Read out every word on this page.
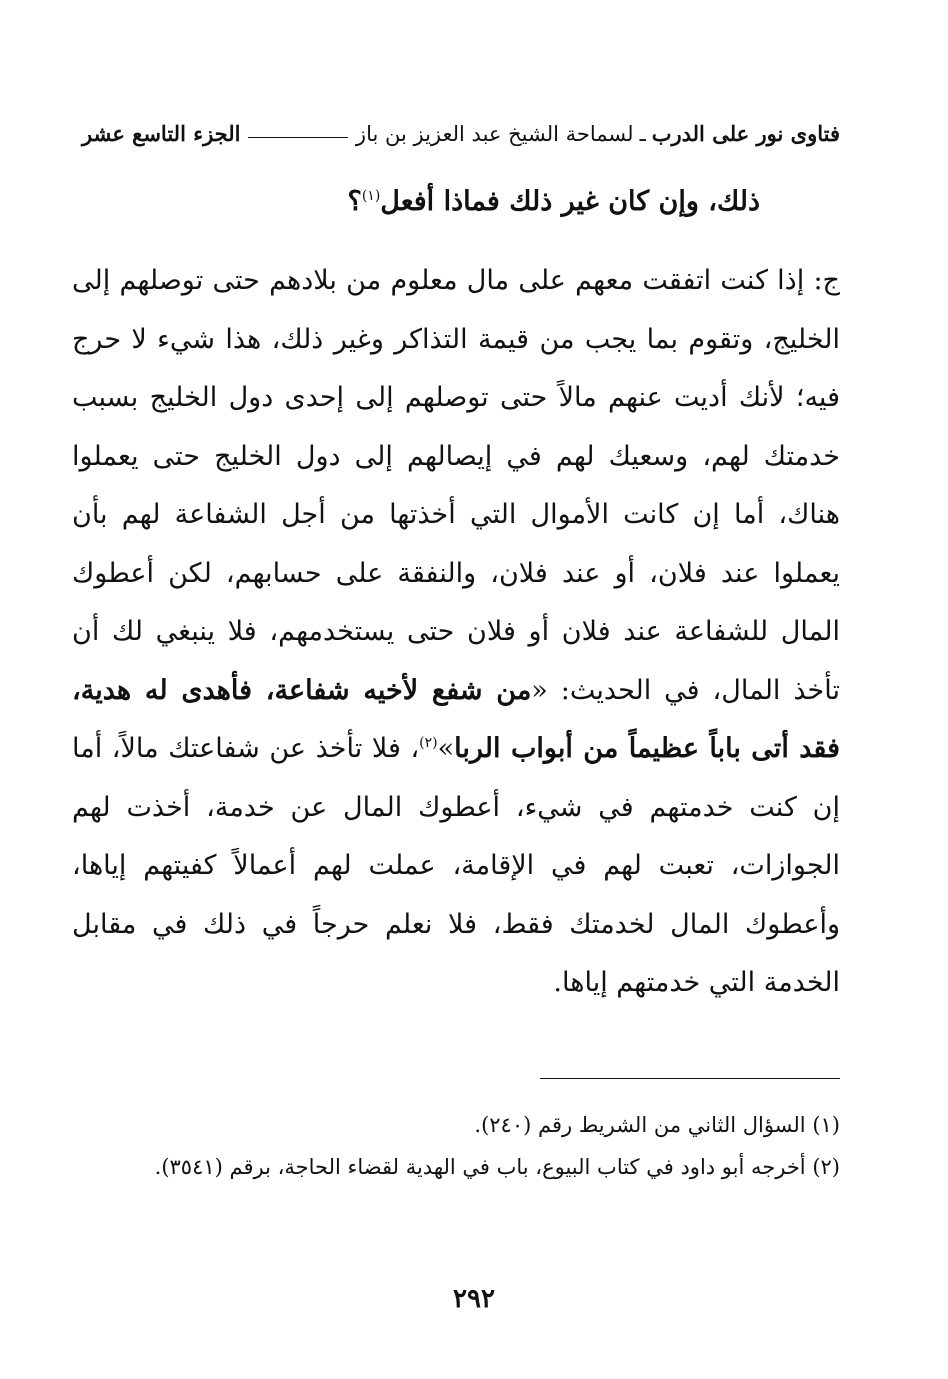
فتاوى نور على الدرب
ـ
لسماحة الشيخ عبد العزيز بن باز
الجزء التاسع عشر
ذلك، وإن كان غير ذلك فماذا أفعل$^{(١)}$؟

ج: إذا كنت اتفقت معهم على مال معلوم من بلادهم حتى توصلهم إلى الخليج، وتقوم بما يجب من قيمة التذاكر وغير ذلك، هذا شيء لا حرج فيه؛ لأنك أديت عنهم مالاً حتى توصلهم إلى إحدى دول الخليج بسبب خدمتك لهم، وسعيك لهم في إيصالهم إلى دول الخليج حتى يعملوا هناك، أما إن كانت الأموال التي أخذتها من أجل الشفاعة لهم بأن يعملوا عند فلان، أو عند فلان، والنفقة على حسابهم، لكن أعطوك المال للشفاعة عند فلان أو فلان حتى يستخدمهم، فلا ينبغي لك أن تأخذ المال، في الحديث: «من شفع لأخيه شفاعة، فأهدى له هدية، فقد أتى باباً عظيماً من أبواب الربا»$^{(٢)}$، فلا تأخذ عن شفاعتك مالاً، أما إن كنت خدمتهم في شيء، أعطوك المال عن خدمة، أخذت لهم الجوازات، تعبت لهم في الإقامة، عملت لهم أعمالاً كفيتهم إياها، وأعطوك المال لخدمتك فقط، فلا نعلم حرجاً في ذلك في مقابل الخدمة التي خدمتهم إياها.

(١) السؤال الثاني من الشريط رقم (٢٤٠).

(٢) أخرجه أبو داود في كتاب البيوع، باب في الهدية لقضاء الحاجة، برقم (٣٥٤١).

٢٩٢
